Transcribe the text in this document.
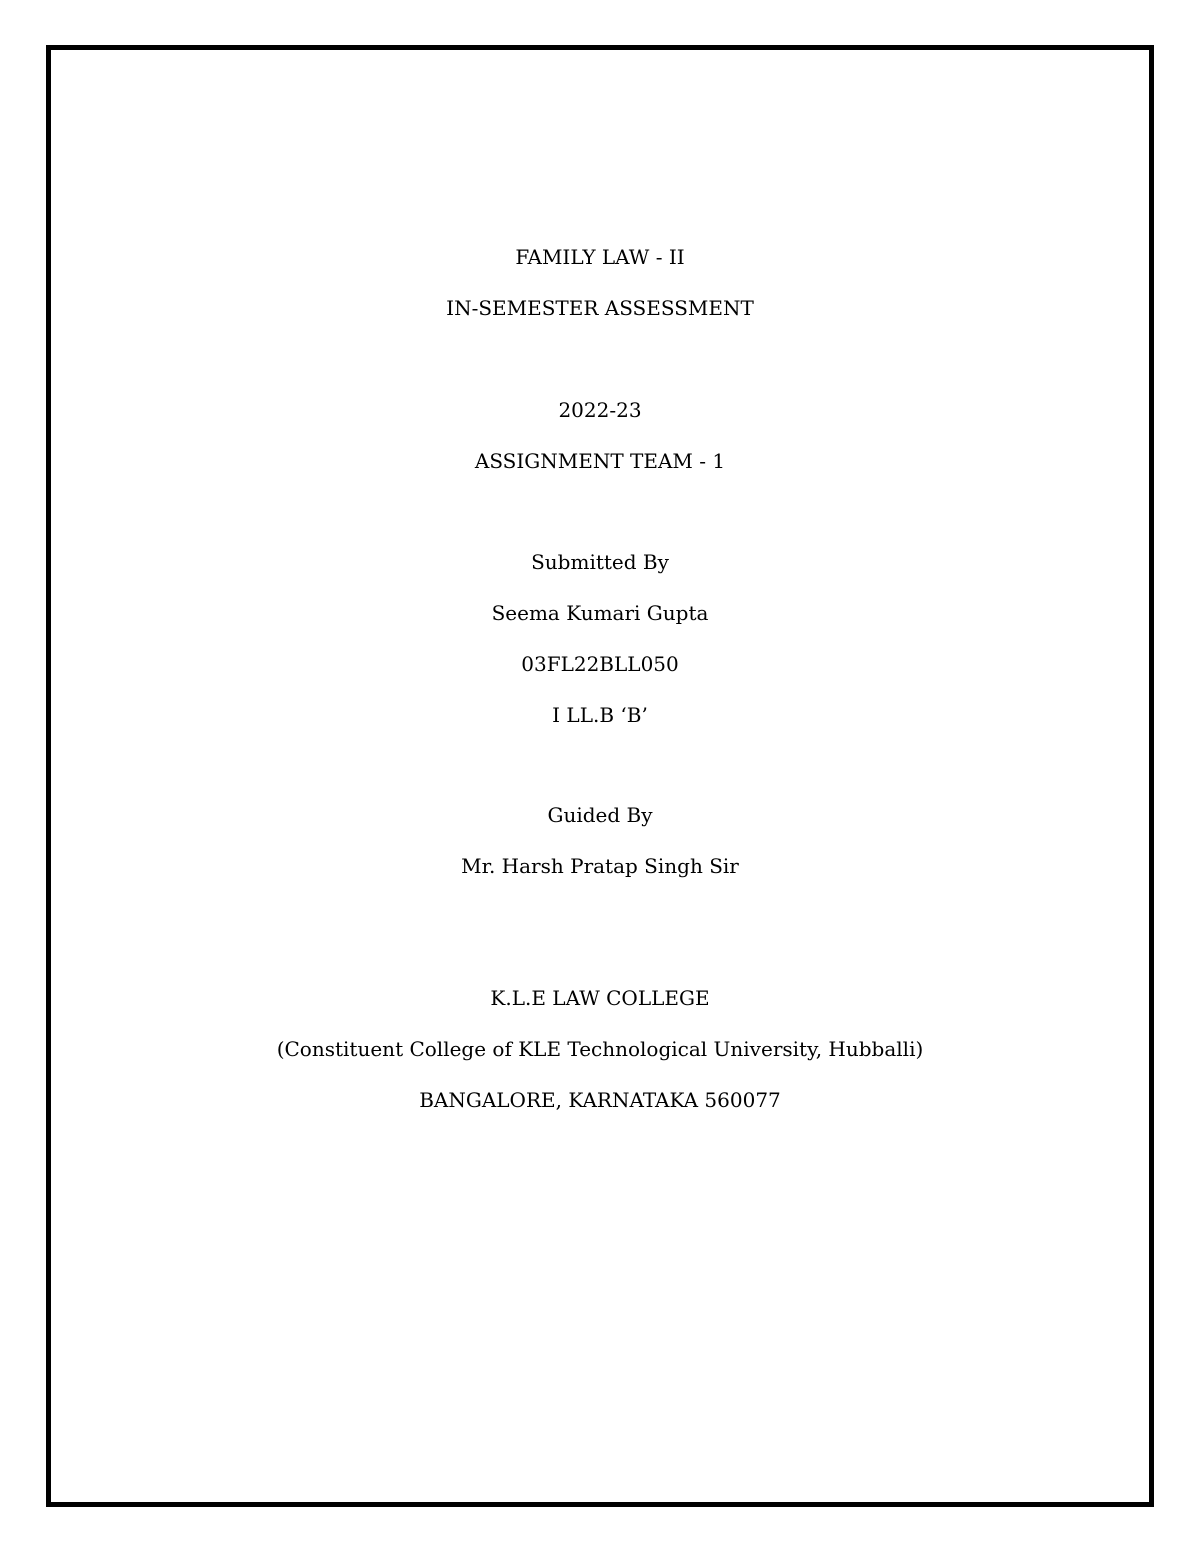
FAMILY LAW - II
IN-SEMESTER ASSESSMENT
2022-23
ASSIGNMENT TEAM - 1
Submitted By
Seema Kumari Gupta
03FL22BLL050
I LL.B ‘B’
Guided By
Mr. Harsh Pratap Singh Sir
K.L.E LAW COLLEGE
(Constituent College of KLE Technological University, Hubballi)
BANGALORE, KARNATAKA 560077
